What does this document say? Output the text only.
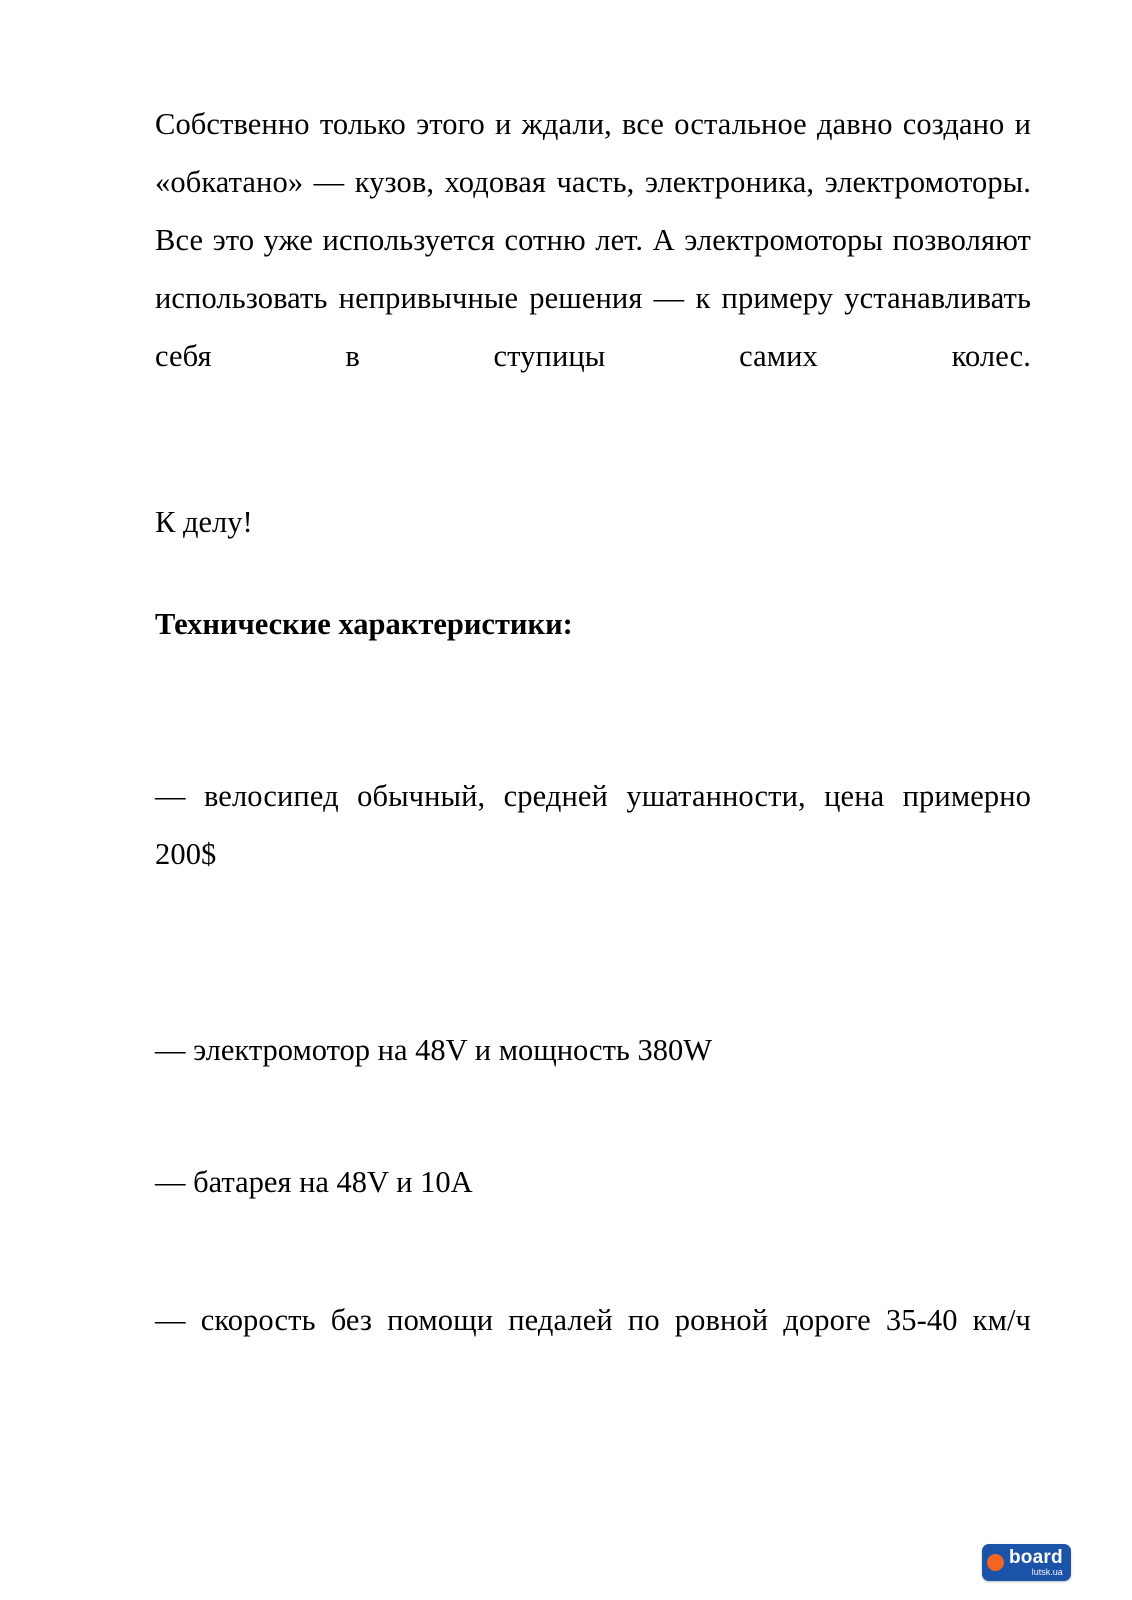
Собственно только этого и ждали, все остальное давно создано и «обкатано» — кузов, ходовая часть, электроника, электромоторы. Все это уже используется сотню лет. А электромоторы позволяют использовать непривычные решения — к примеру устанавливать себя в ступицы самих колес.

К делу!

Технические характеристики:

— велосипед обычный, средней ушатанности, цена примерно 200$

— электромотор на 48V и мощность 380W

— батарея на 48V и 10A

— скорость без помощи педалей по ровной дороге 35-40 км/ч

board
lutsk.ua
